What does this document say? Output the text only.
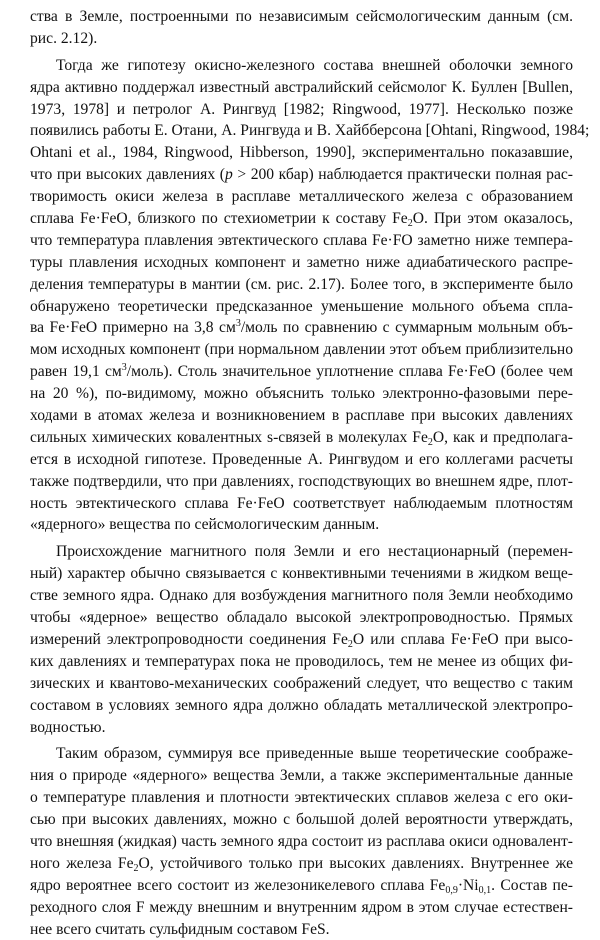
ства в Земле, построенными по независимым сейсмологическим данным (см.
рис. 2.12).
Тогда же гипотезу окисно-железного состава внешней оболочки земного
ядра активно поддержал известный австралийский сейсмолог К. Буллен [Bullen,
1973, 1978] и петролог А. Рингвуд [1982; Ringwood, 1977]. Несколько позже
появились работы Е. Отани, А. Рингвуда и В. Хайбберсона [Ohtani, Ringwood, 1984;
Ohtani et al., 1984, Ringwood, Hibberson, 1990], экспериментально показавшие,
что при высоких давлениях (p > 200 кбар) наблюдается практически полная рас-
творимость окиси железа в расплаве металлического железа с образованием
сплава Fe·FeO, близкого по стехиометрии к составу $Fe_2O$. При этом оказалось,
что температура плавления эвтектического сплава Fe·FO заметно ниже темпера-
туры плавления исходных компонент и заметно ниже адиабатического распре-
деления температуры в мантии (см. рис. 2.17). Более того, в эксперименте было
обнаружено теоретически предсказанное уменьшение мольного объема спла-
ва Fe·FeO примерно на 3,8 $см^3$/моль по сравнению с суммарным мольным объ-
мом исходных компонент (при нормальном давлении этот объем приблизительно
равен 19,1 $см^3/моль$). Столь значительное уплотнение сплава Fe·FeO (более чем
на 20 %), по-видимому, можно объяснить только электронно-фазовыми пере-
ходами в атомах железа и возникновением в расплаве при высоких давлениях
сильных химических ковалентных s-связей в молекулах $Fe_2O$, как и предполага-
ется в исходной гипотезе. Проведенные А. Рингвудом и его коллегами расчеты
также подтвердили, что при давлениях, господствующих во внешнем ядре, плот-
ность эвтектического сплава Fe·FeO соответствует наблюдаемым плотностям
«ядерного» вещества по сейсмологическим данным.
Происхождение магнитного поля Земли и его нестационарный (перемен-
ный) характер обычно связывается с конвективными течениями в жидком веще-
стве земного ядра. Однако для возбуждения магнитного поля Земли необходимо
чтобы «ядерное» вещество обладало высокой электропроводностью. Прямых
измерений электропроводности соединения $Fe_2O$ или сплава Fe·FeO при высо-
ких давлениях и температурах пока не проводилось, тем не менее из общих фи-
зических и квантово-механических соображений следует, что вещество с таким
составом в условиях земного ядра должно обладать металлической электропро-
водностью.
Таким образом, суммируя все приведенные выше теоретические соображе-
ния о природе «ядерного» вещества Земли, а также экспериментальные данные
о температуре плавления и плотности эвтектических сплавов железа с его оки-
сью при высоких давлениях, можно с большой долей вероятности утверждать,
что внешняя (жидкая) часть земного ядра состоит из расплава окиси одновалент-
ного железа $Fe_2O$, устойчивого только при высоких давлениях. Внутреннее же
ядро вероятнее всего состоит из железоникелевого сплава $Fe_{0,9}\cdot Ni_{0,1}$. Состав пе-
реходного слоя F между внешним и внутренним ядром в этом случае естествен-
нее всего считать сульфидным составом FeS.
